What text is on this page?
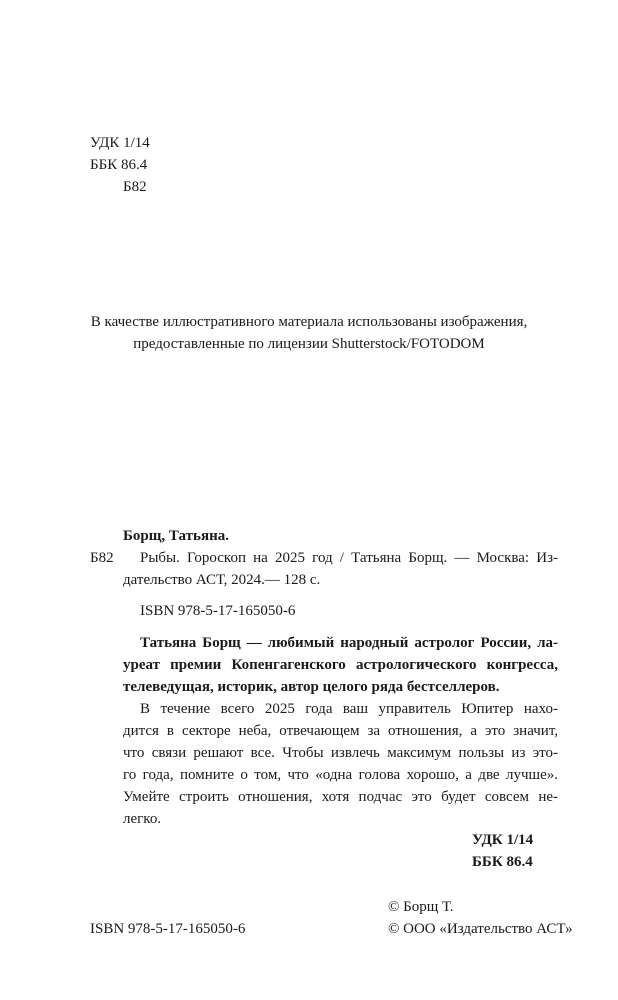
УДК 1/14
ББК 86.4
Б82
В качестве иллюстративного материала использованы изображения,
предоставленные по лицензии Shutterstock/FOTODOM
Борщ, Татьяна.
Б82 Рыбы. Гороскоп на 2025 год / Татьяна Борщ. — Москва: Из-
дательство АСТ, 2024.— 128 с.
ISBN 978-5-17-165050-6
Татьяна Борщ — любимый народный астролог России, ла-
уреат премии Копенгагенского астрологического конгресса,
телеведущая, историк, автор целого ряда бестселлеров.
В течение всего 2025 года ваш управитель Юпитер нахо-
дится в секторе неба, отвечающем за отношения, а это значит,
что связи решают все. Чтобы извлечь максимум пользы из это-
го года, помните о том, что «одна голова хорошо, а две лучше».
Умейте строить отношения, хотя подчас это будет совсем не-
легко.
УДК 1/14
ББК 86.4
© Борщ Т.
ISBN 978-5-17-165050-6	© ООО «Издательство АСТ»
